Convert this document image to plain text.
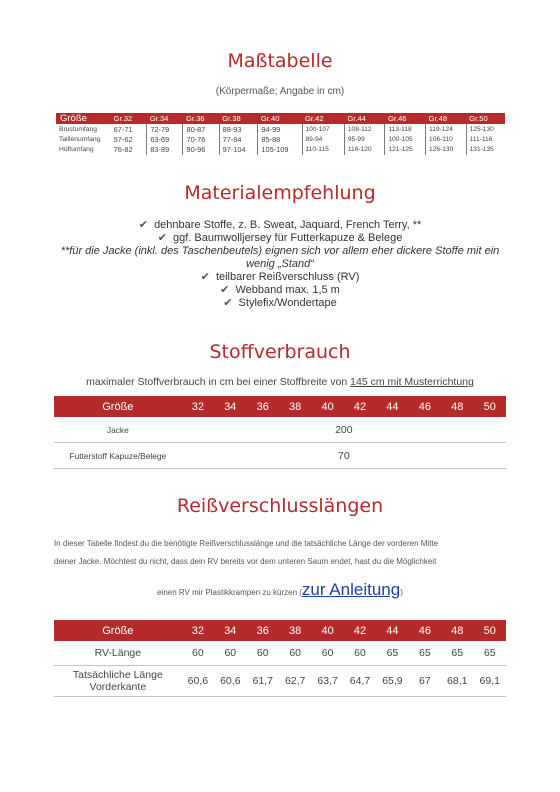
Maßtabelle
(Körpermaße; Angabe in cm)
Größe	Gr.32	Gr.34	Gr.36	Gr.38	Gr.40	Gr.42	Gr.44	Gr.46	Gr.48	Gr.50
Brustumfang	67-71	72-79	80-87	88-93	94-99	100-107	108-112	113-118	119-124	125-130
Taillenumfang	57-62	63-69	70-76	77-84	85-88	89-94	95-99	100-105	106-110	111-116
Hüftumfang	76-82	83-89	90-96	97-104	105-109	110-115	116-120	121-125	126-130	131-135
Materialempfehlung
✔ dehnbare Stoffe, z. B. Sweat, Jaquard, French Terry, **
✔ ggf. Baumwolljersey für Futterkapuze & Belege
**für die Jacke (inkl. des Taschenbeutels) eignen sich vor allem eher dickere Stoffe mit ein wenig „Stand“
✔ teilbarer Reißverschluss (RV)
✔ Webband max. 1,5 m
✔ Stylefix/Wondertape
Stoffverbrauch
maximaler Stoffverbrauch in cm bei einer Stoffbreite von 145 cm mit Musterrichtung
Größe	32	34	36	38	40	42	44	46	48	50
Jacke	200									
Futterstoff Kapuze/Belege	70									
Reißverschlusslängen
In dieser Tabelle findest du die benötigte Reißverschlusslänge und die tatsächliche Länge der vorderen Mitte
deiner Jacke. Möchtest du nicht, dass dein RV bereits vor dem unteren Saum endet, hast du die Möglichkeit
einen RV mir Plastikkrampen zu kürzen (zur Anleitung)
Größe	32	34	36	38	40	42	44	46	48	50
RV-Länge	60	60	60	60	60	60	65	65	65	65
Tatsächliche Länge Vorderkante	60,6	60,6	61,7	62,7	63,7	64,7	65,9	67	68,1	69,1
